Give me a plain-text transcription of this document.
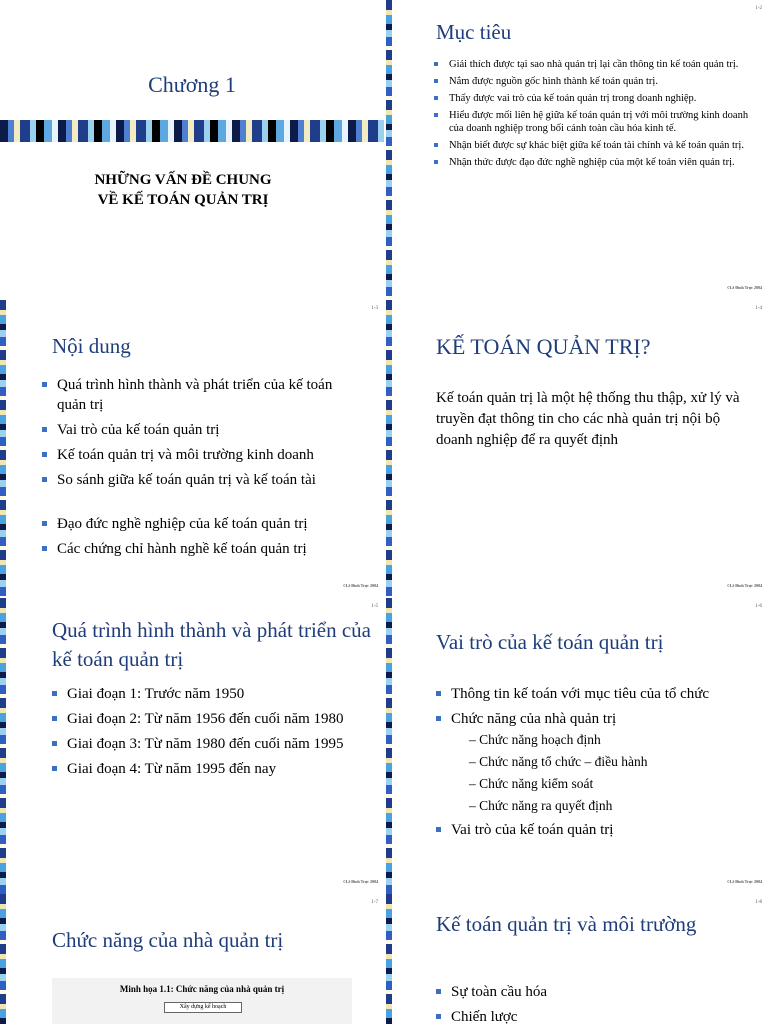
Chương 1
NHỮNG VẤN ĐỀ CHUNG
VỀ KẾ TOÁN QUẢN TRỊ
1-2
Mục tiêu
Giải thích được tại sao nhà quản trị lại cần thông tin kế toán quản trị.
Nắm được nguồn gốc hình thành kế toán quản trị.
Thấy được vai trò của kế toán quản trị trong doanh nghiệp.
Hiểu được mối liên hệ giữa kế toán quản trị với môi trường kinh doanh của doanh nghiệp trong bối cảnh toàn cầu hóa kinh tế.
Nhận biết được sự khác biệt giữa kế toán tài chính và kế toán quản trị.
Nhận thức được đạo đức nghề nghiệp của một kế toán viên quản trị.
©Lê Đình Trực 2004
1-3
Nội dung
Quá trình hình thành và phát triển của kế toán quản trị
Vai trò của kế toán quản trị
Kế toán quản trị và môi trường kinh doanh
So sánh giữa kế toán quản trị và kế toán tài
Đạo đức nghề nghiệp của kế toán quản trị
Các chứng chỉ hành nghề kế toán quản trị
©Lê Đình Trực 2004
1-4
KẾ TOÁN QUẢN TRỊ?

Kế toán quản trị là một hệ thống thu thập, xử lý và truyền đạt thông tin cho các nhà quản trị nội bộ doanh nghiệp để ra quyết định

©Lê Đình Trực 2004
1-5
Quá trình hình thành và phát triển của kế toán quản trị
Giai đoạn 1: Trước năm 1950
Giai đoạn 2: Từ năm 1956 đến cuối năm 1980
Giai đoạn 3: Từ năm 1980 đến cuối năm 1995
Giai đoạn 4: Từ năm 1995 đến nay
©Lê Đình Trực 2004
1-6
Vai trò của kế toán quản trị
Thông tin kế toán với mục tiêu của tổ chức
Chức năng của nhà quản trị
– Chức năng hoạch định
– Chức năng tổ chức – điều hành
– Chức năng kiểm soát
– Chức năng ra quyết định
Vai trò của kế toán quản trị
©Lê Đình Trực 2004
1-7
Chức năng của nhà quản trị
Minh họa 1.1: Chức năng của nhà quản trị
Xây dựng kế hoạch
1-8
Kế toán quản trị và môi trường
Sự toàn cầu hóa
Chiến lược
